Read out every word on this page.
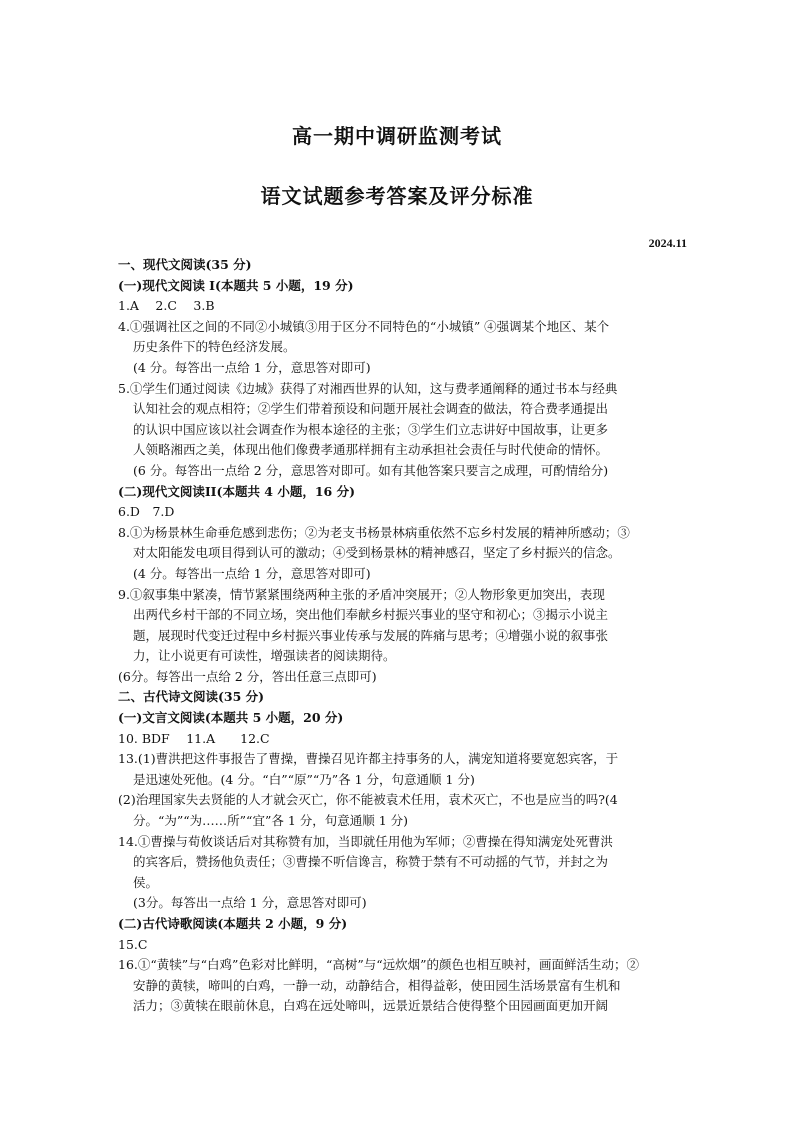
高一期中调研监测考试
语文试题参考答案及评分标准
2024.11
一、现代文阅读(35 分)
(一)现代文阅读 I(本题共 5 小题，19 分)
1.A　 2.C　 3.B
4.①强调社区之间的不同②小城镇③用于区分不同特色的“小城镇” ④强调某个地区、某个
历史条件下的特色经济发展。
(4 分。每答出一点给 1 分，意思答对即可)
5.①学生们通过阅读《边城》获得了对湘西世界的认知，这与费孝通阐释的通过书本与经典
认知社会的观点相符；②学生们带着预设和问题开展社会调查的做法，符合费孝通提出
的认识中国应该以社会调查作为根本途径的主张；③学生们立志讲好中国故事，让更多
人领略湘西之美，体现出他们像费孝通那样拥有主动承担社会责任与时代使命的情怀。
(6 分。每答出一点给 2 分，意思答对即可。如有其他答案只要言之成理，可酌情给分)
(二)现代文阅读II(本题共 4 小题，16 分)
6.D　7.D
8.①为杨景林生命垂危感到悲伤；②为老支书杨景林病重依然不忘乡村发展的精神所感动；③
对太阳能发电项目得到认可的激动；④受到杨景林的精神感召，坚定了乡村振兴的信念。
(4 分。每答出一点给 1 分，意思答对即可)
9.①叙事集中紧凑，情节紧紧围绕两种主张的矛盾冲突展开；②人物形象更加突出，表现
出两代乡村干部的不同立场，突出他们奉献乡村振兴事业的坚守和初心；③揭示小说主
题，展现时代变迁过程中乡村振兴事业传承与发展的阵痛与思考；④增强小说的叙事张
力，让小说更有可读性，增强读者的阅读期待。
(6分。每答出一点给 2 分，答出任意三点即可)
二、古代诗文阅读(35 分)
(一)文言文阅读(本题共 5 小题，20 分)
10. BDF　 11.A　　12.C
13.(1)曹洪把这件事报告了曹操，曹操召见许都主持事务的人，满宠知道将要宽恕宾客，于
是迅速处死他。(4 分。“白”“原”“乃”各 1 分，句意通顺 1 分)
(2)治理国家失去贤能的人才就会灭亡，你不能被袁术任用，袁术灭亡，不也是应当的吗?(4
分。“为”“为……所”“宜”各 1 分，句意通顺 1 分)
14.①曹操与荀攸谈话后对其称赞有加，当即就任用他为军师；②曹操在得知满宠处死曹洪
的宾客后，赞扬他负责任；③曹操不听信谗言，称赞于禁有不可动摇的气节，并封之为
侯。
(3分。每答出一点给 1 分，意思答对即可)
(二)古代诗歌阅读(本题共 2 小题，9 分)
15.C
16.①“黄犊”与“白鸡”色彩对比鲜明，“高树”与“远炊烟”的颜色也相互映衬，画面鲜活生动；②
安静的黄犊，啼叫的白鸡，一静一动，动静结合，相得益彰，使田园生活场景富有生机和
活力；③黄犊在眼前休息，白鸡在远处啼叫，远景近景结合使得整个田园画面更加开阔
